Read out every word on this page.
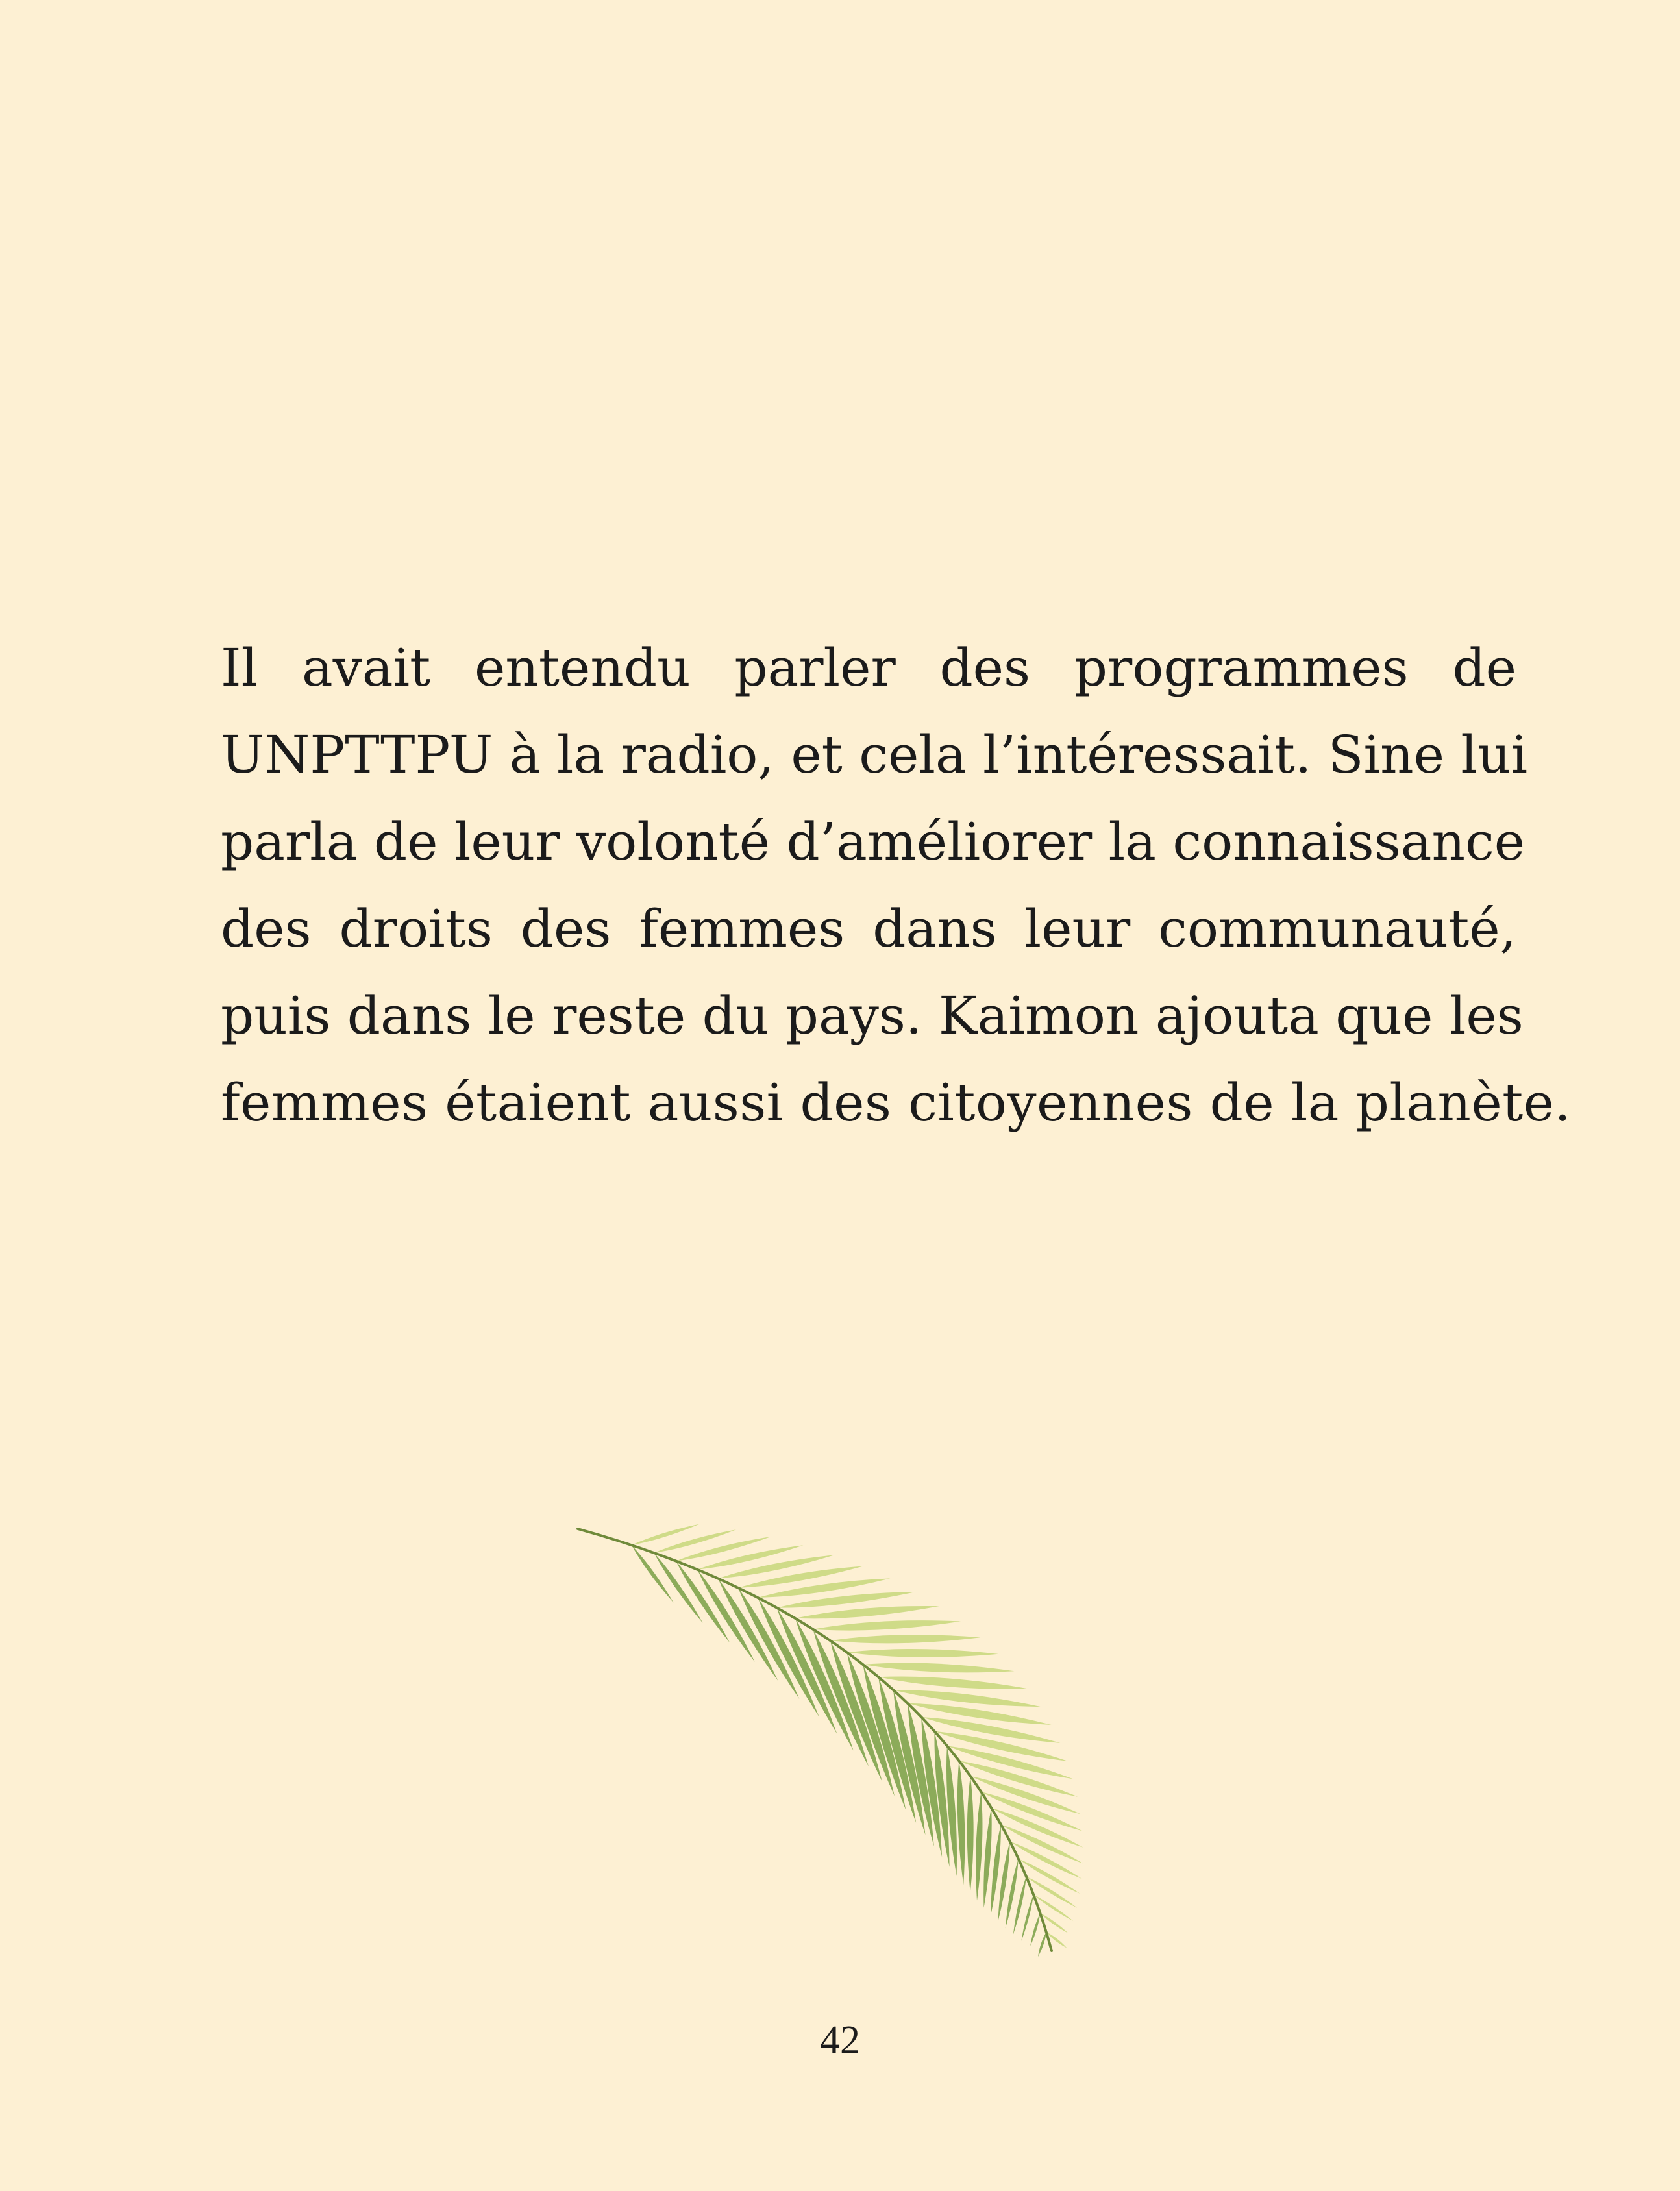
Il avait entendu parler des programmes de
UNPTTPU à la radio, et cela l’intéressait. Sine lui
parla de leur volonté d’améliorer la connaissance
des droits des femmes dans leur communauté,
puis dans le reste du pays. Kaimon ajouta que les
femmes étaient aussi des citoyennes de la planète.
42
